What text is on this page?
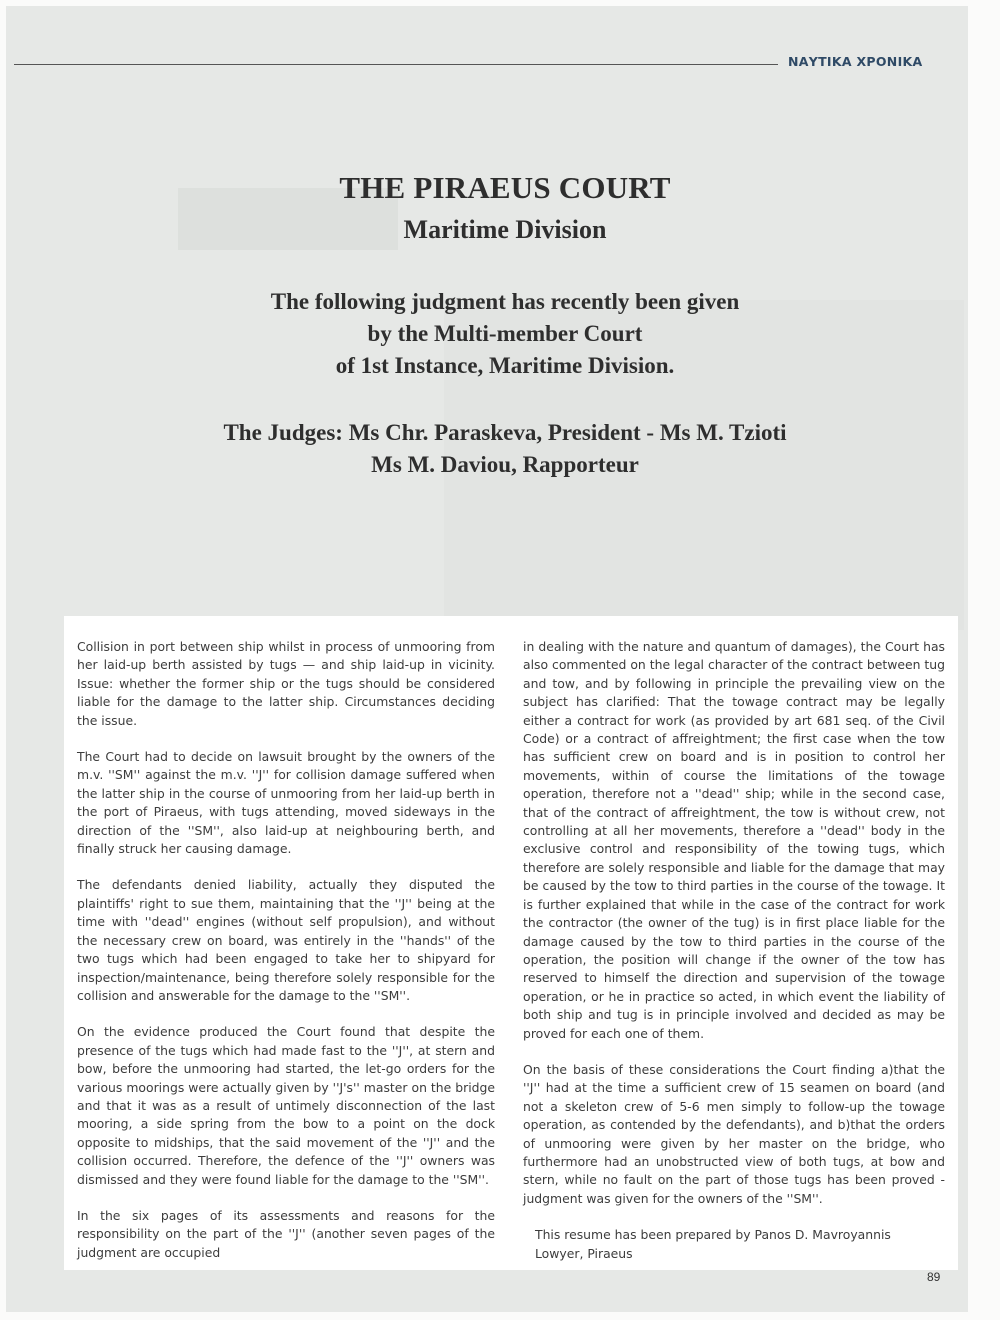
ΝΑΥΤΙΚΑ ΧΡΟΝΙΚΑ
THE PIRAEUS COURT
Maritime Division
The following judgment has recently been given
by the Multi-member Court
of 1st Instance, Maritime Division.
The Judges: Ms Chr. Paraskeva, President - Ms M. Tzioti
Ms M. Daviou, Rapporteur

Collision in port between ship whilst in process of unmooring from her laid-up berth assisted by tugs — and ship laid-up in vicinity. Issue: whether the former ship or the tugs should be considered liable for the damage to the latter ship. Circumstances deciding the issue.

The Court had to decide on lawsuit brought by the owners of the m.v. ''SM'' against the m.v. ''J'' for collision damage suffered when the latter ship in the course of unmooring from her laid-up berth in the port of Piraeus, with tugs attending, moved sideways in the direction of the ''SM'', also laid-up at neighbouring berth, and finally struck her causing damage.

The defendants denied liability, actually they disputed the plaintiffs' right to sue them, maintaining that the ''J'' being at the time with ''dead'' engines (without self propulsion), and without the necessary crew on board, was entirely in the ''hands'' of the two tugs which had been engaged to take her to shipyard for inspection/maintenance, being therefore solely responsible for the collision and answerable for the damage to the ''SM''.

On the evidence produced the Court found that despite the presence of the tugs which had made fast to the ''J'', at stern and bow, before the unmooring had started, the let-go orders for the various moorings were actually given by ''J's'' master on the bridge and that it was as a result of untimely disconnection of the last mooring, a side spring from the bow to a point on the dock opposite to midships, that the said movement of the ''J'' and the collision occurred. Therefore, the defence of the ''J'' owners was dismissed and they were found liable for the damage to the ''SM''.

In the six pages of its assessments and reasons for the responsibility on the part of the ''J'' (another seven pages of the judgment are occupied

in dealing with the nature and quantum of damages), the Court has also commented on the legal character of the contract between tug and tow, and by following in principle the prevailing view on the subject has clarified: That the towage contract may be legally either a contract for work (as provided by art 681 seq. of the Civil Code) or a contract of affreightment; the first case when the tow has sufficient crew on board and is in position to control her movements, within of course the limitations of the towage operation, therefore not a ''dead'' ship; while in the second case, that of the contract of affreightment, the tow is without crew, not controlling at all her movements, therefore a ''dead'' body in the exclusive control and responsibility of the towing tugs, which therefore are solely responsible and liable for the damage that may be caused by the tow to third parties in the course of the towage. It is further explained that while in the case of the contract for work the contractor (the owner of the tug) is in first place liable for the damage caused by the tow to third parties in the course of the operation, the position will change if the owner of the tow has reserved to himself the direction and supervision of the towage operation, or he in practice so acted, in which event the liability of both ship and tug is in principle involved and decided as may be proved for each one of them.

On the basis of these considerations the Court finding a)that the ''J'' had at the time a sufficient crew of 15 seamen on board (and not a skeleton crew of 5-6 men simply to follow-up the towage operation, as contended by the defendants), and b)that the orders of unmooring were given by her master on the bridge, who furthermore had an unobstructed view of both tugs, at bow and stern, while no fault on the part of those tugs has been proved - judgment was given for the owners of the ''SM''.

This resume has been prepared by Panos D. Mavroyannis
Lowyer, Piraeus
89
